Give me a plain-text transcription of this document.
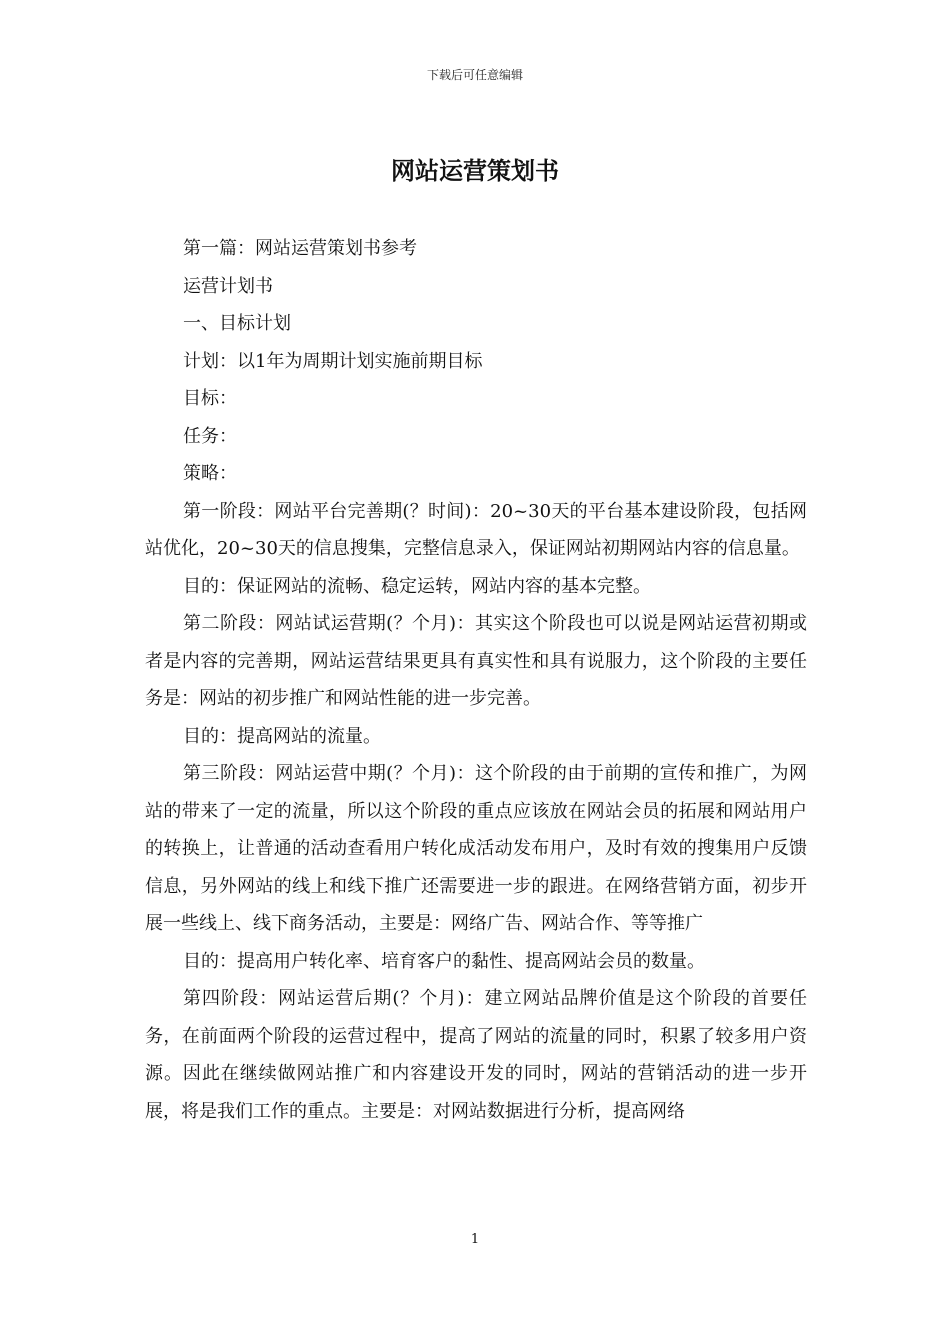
下载后可任意编辑
网站运营策划书

第一篇：网站运营策划书参考

运营计划书

一、目标计划

计划：以1年为周期计划实施前期目标

目标：

任务：

策略：

第一阶段：网站平台完善期(？时间)：20~30天的平台基本建设阶段，包括网站优化，20~30天的信息搜集，完整信息录入，保证网站初期网站内容的信息量。

目的：保证网站的流畅、稳定运转，网站内容的基本完整。

第二阶段：网站试运营期(？个月)：其实这个阶段也可以说是网站运营初期或者是内容的完善期，网站运营结果更具有真实性和具有说服力，这个阶段的主要任务是：网站的初步推广和网站性能的进一步完善。

目的：提高网站的流量。

第三阶段：网站运营中期(？个月)：这个阶段的由于前期的宣传和推广，为网站的带来了一定的流量，所以这个阶段的重点应该放在网站会员的拓展和网站用户的转换上，让普通的活动查看用户转化成活动发布用户，及时有效的搜集用户反馈信息，另外网站的线上和线下推广还需要进一步的跟进。在网络营销方面，初步开展一些线上、线下商务活动，主要是：网络广告、网站合作、等等推广

目的：提高用户转化率、培育客户的黏性、提高网站会员的数量。

第四阶段：网站运营后期(？个月)：建立网站品牌价值是这个阶段的首要任务，在前面两个阶段的运营过程中，提高了网站的流量的同时，积累了较多用户资源。因此在继续做网站推广和内容建设开发的同时，网站的营销活动的进一步开展，将是我们工作的重点。主要是：对网站数据进行分析，提高网络

1
